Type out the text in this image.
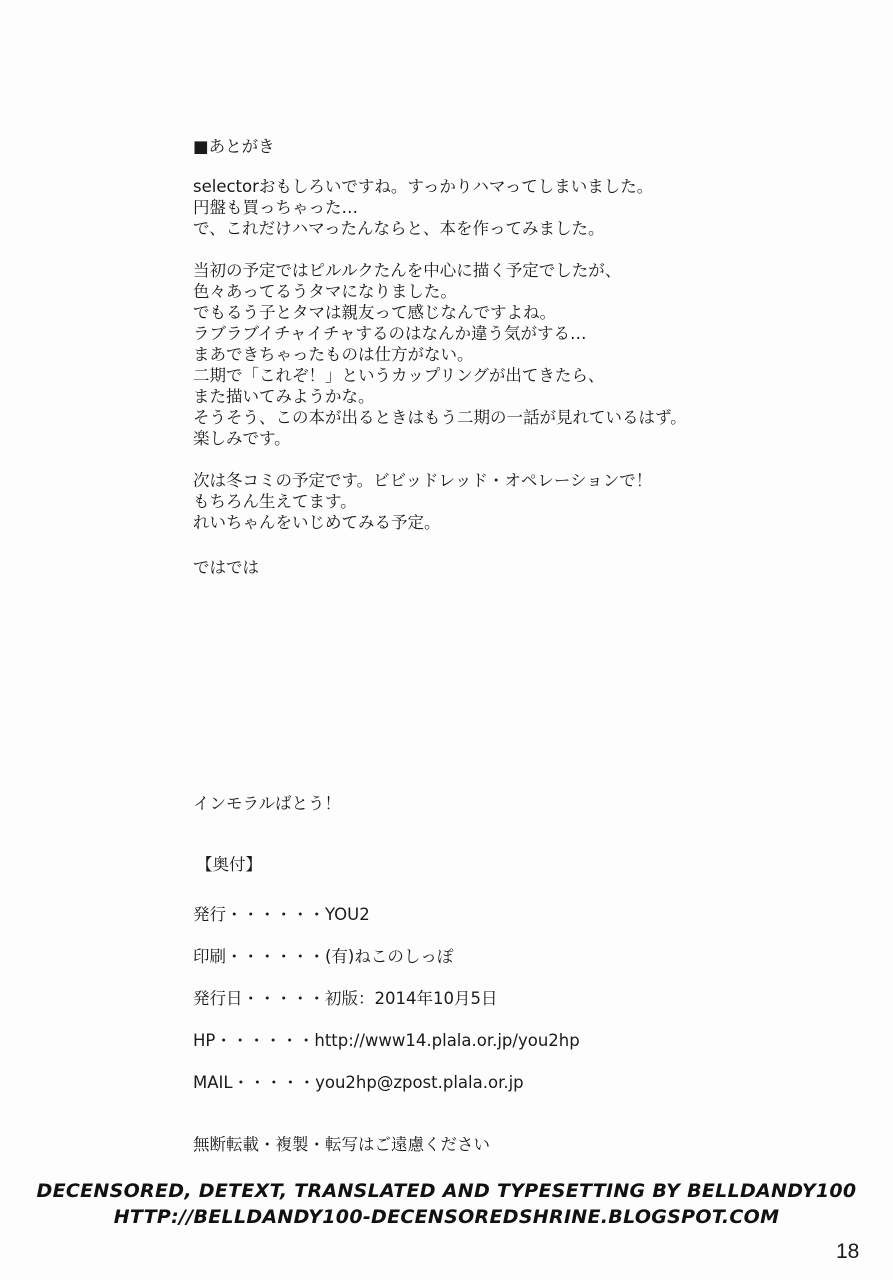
■あとがき
selectorおもしろいですね。すっかりハマってしまいました。
円盤も買っちゃった…
で、これだけハマったんならと、本を作ってみました。
当初の予定ではピルルクたんを中心に描く予定でしたが、
色々あってるうタマになりました。
でもるう子とタマは親友って感じなんですよね。
ラブラブイチャイチャするのはなんか違う気がする…
まあできちゃったものは仕方がない。
二期で「これぞ！」というカップリングが出てきたら、
また描いてみようかな。
そうそう、この本が出るときはもう二期の一話が見れているはず。
楽しみです。
次は冬コミの予定です。ビビッドレッド・オペレーションで！
もちろん生えてます。
れいちゃんをいじめてみる予定。
ではでは
インモラルばとう！
【奥付】
発行・・・・・・YOU2
印刷・・・・・・(有)ねこのしっぽ
発行日・・・・・初版：2014年10月5日
HP・・・・・・http://www14.plala.or.jp/you2hp
MAIL・・・・・you2hp@zpost.plala.or.jp
無断転載・複製・転写はご遠慮ください
DECENSORED, DETEXT, TRANSLATED AND TYPESETTING BY BELLDANDY100
HTTP://BELLDANDY100-DECENSOREDSHRINE.BLOGSPOT.COM
18
